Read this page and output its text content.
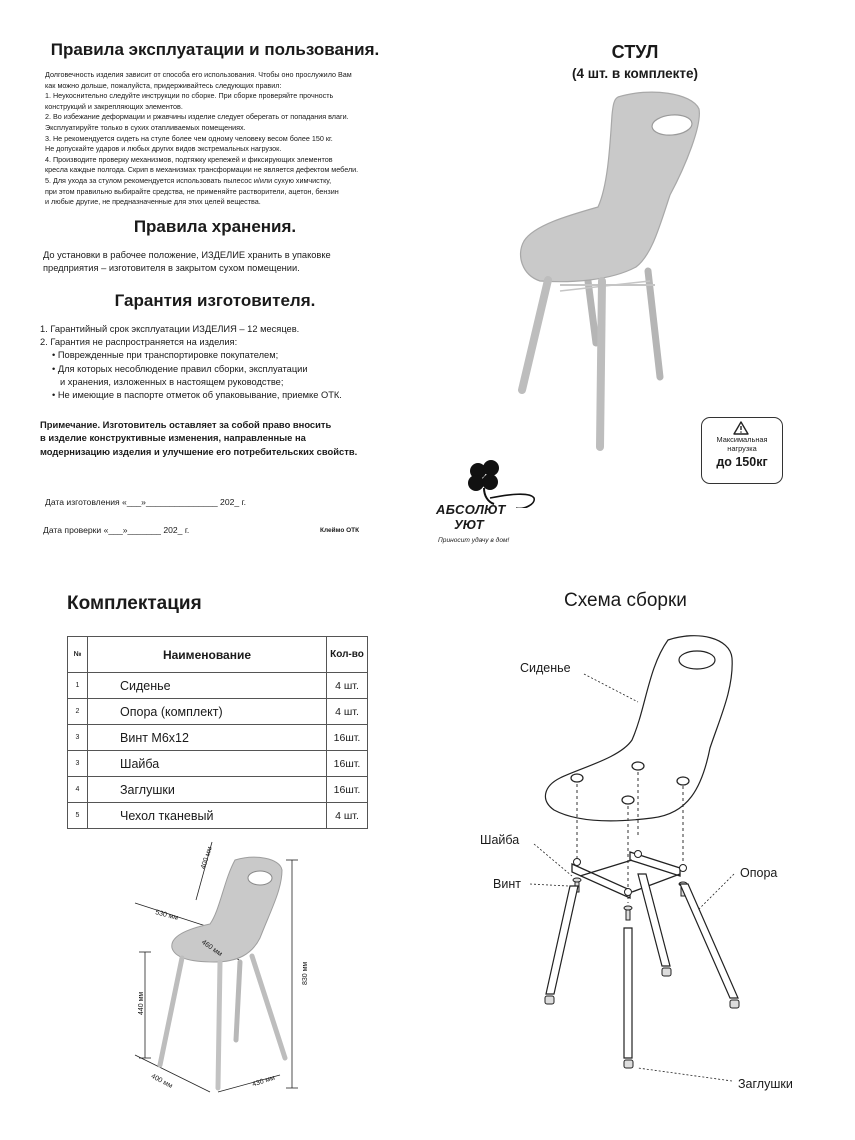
Правила эксплуатации и пользования.
Долговечность изделия зависит от способа его использования. Чтобы оно прослужило Вам
как можно дольше, пожалуйста, придерживайтесь следующих правил:
1. Неукоснительно следуйте инструкции по сборке. При сборке проверяйте прочность
конструкций и закрепляющих элементов.
2. Во избежание деформации и ржавчины изделие следует оберегать от попадания влаги.
Эксплуатируйте только в сухих отапливаемых помещениях.
3. Не рекомендуется сидеть на стуле более чем одному человеку весом более 150 кг.
Не допускайте ударов и любых других видов экстремальных нагрузок.
4. Производите проверку механизмов, подтяжку крепежей и фиксирующих элементов
кресла каждые полгода. Скрип в механизмах трансформации не является дефектом мебели.
5. Для ухода за стулом рекомендуется использовать пылесос и/или сухую химчистку,
при этом правильно выбирайте средства, не применяйте растворители, ацетон, бензин
и любые другие, не предназначенные для этих целей вещества.
Правила хранения.
До установки в рабочее положение, ИЗДЕЛИЕ хранить в упаковке
предприятия – изготовителя в закрытом сухом помещении.
Гарантия изготовителя.
1. Гарантийный срок эксплуатации ИЗДЕЛИЯ – 12 месяцев.
2. Гарантия не распространяется на изделия:
• Поврежденные при транспортировке покупателем;
• Для которых несоблюдение правил сборки, эксплуатации
и хранения, изложенных в настоящем руководстве;
• Не имеющие в паспорте отметок об упаковывание, приемке ОТК.
Примечание. Изготовитель оставляет за собой право вносить
в изделие конструктивные изменения, направленные на
модернизацию изделия и улучшение его потребительских свойств.
Дата изготовления «___»_______________ 202_ г.
Дата проверки «___»_______ 202_ г.	Клеймо ОТК
СТУЛ
(4 шт. в комплекте)
Максимальная
нагрузка
до 150кг
АБСОЛЮТ
УЮТ
Приносит удачу в дом!
Комплектация
№	Наименование	Кол-во
1	Сиденье	4 шт.
2	Опора (комплект)	4 шт.
3	Винт М6х12	16шт.
3	Шайба	16шт.
4	Заглушки	16шт.
5	Чехол тканевый	4 шт.
400 мм
530 мм
460 мм
830 мм
440 мм
400 мм	430 мм
Схема сборки
Сиденье
Шайба
Винт
Опора
Заглушки
